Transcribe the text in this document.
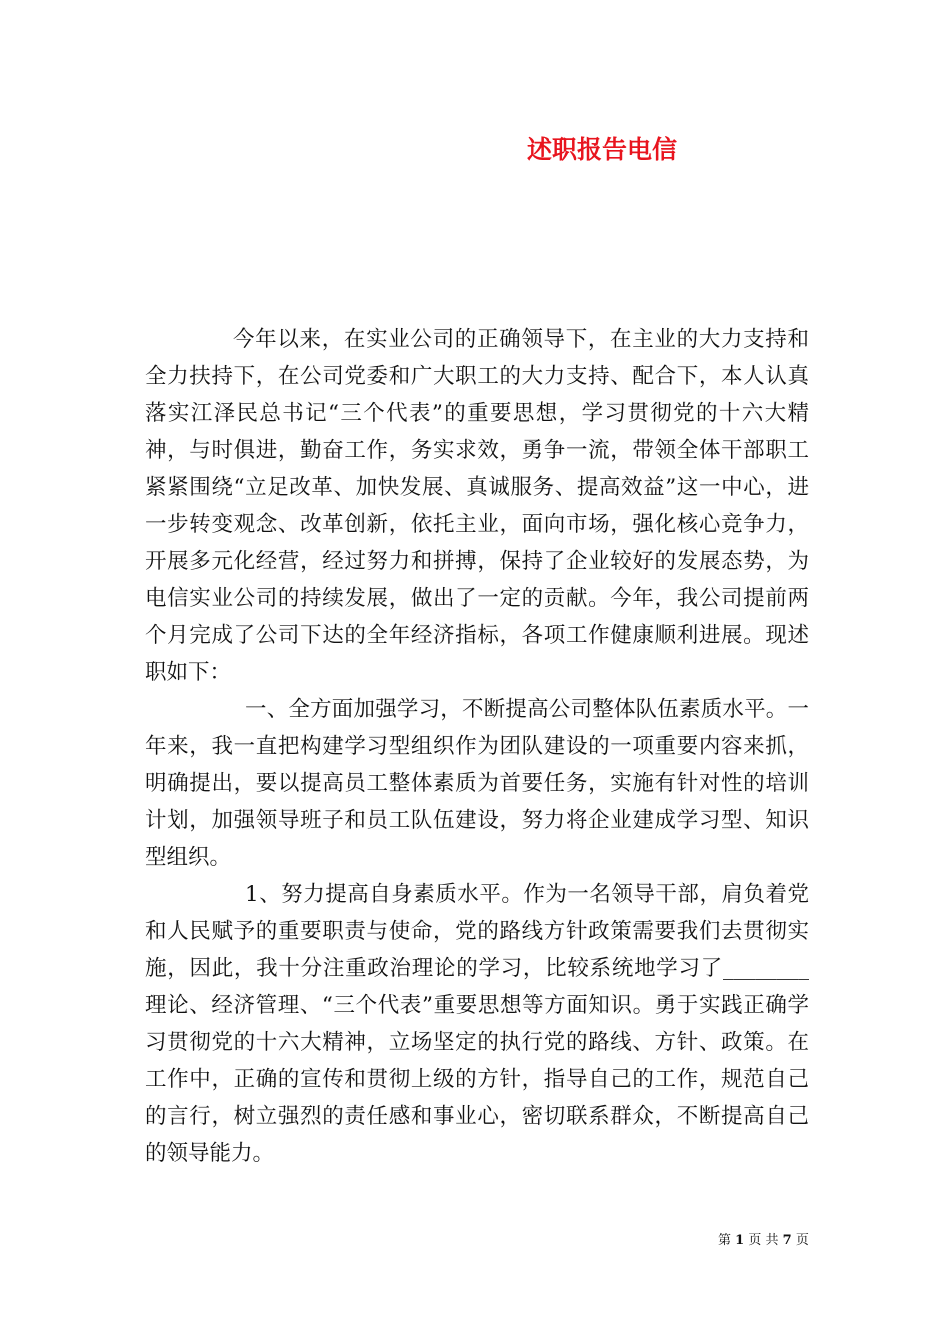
述职报告电信

今年以来，在实业公司的正确领导下，在主业的大力支持和全力扶持下，在公司党委和广大职工的大力支持、配合下，本人认真落实江泽民总书记“三个代表”的重要思想，学习贯彻党的十六大精神，与时俱进，勤奋工作，务实求效，勇争一流，带领全体干部职工紧紧围绕“立足改革、加快发展、真诚服务、提高效益”这一中心，进一步转变观念、改革创新，依托主业，面向市场，强化核心竞争力，开展多元化经营，经过努力和拼搏，保持了企业较好的发展态势，为电信实业公司的持续发展，做出了一定的贡献。今年，我公司提前两个月完成了公司下达的全年经济指标，各项工作健康顺利进展。现述职如下：

一、全方面加强学习，不断提高公司整体队伍素质水平。一年来，我一直把构建学习型组织作为团队建设的一项重要内容来抓，明确提出，要以提高员工整体素质为首要任务，实施有针对性的培训计划，加强领导班子和员工队伍建设，努力将企业建成学习型、知识型组织。

1、努力提高自身素质水平。作为一名领导干部，肩负着党和人民赋予的重要职责与使命，党的路线方针政策需要我们去贯彻实施，因此，我十分注重政治理论的学习，比较系统地学习了________理论、经济管理、“三个代表”重要思想等方面知识。勇于实践正确学习贯彻党的十六大精神，立场坚定的执行党的路线、方针、政策。在工作中，正确的宣传和贯彻上级的方针，指导自己的工作，规范自己的言行，树立强烈的责任感和事业心，密切联系群众，不断提高自己的领导能力。

第 1 页 共 7 页
